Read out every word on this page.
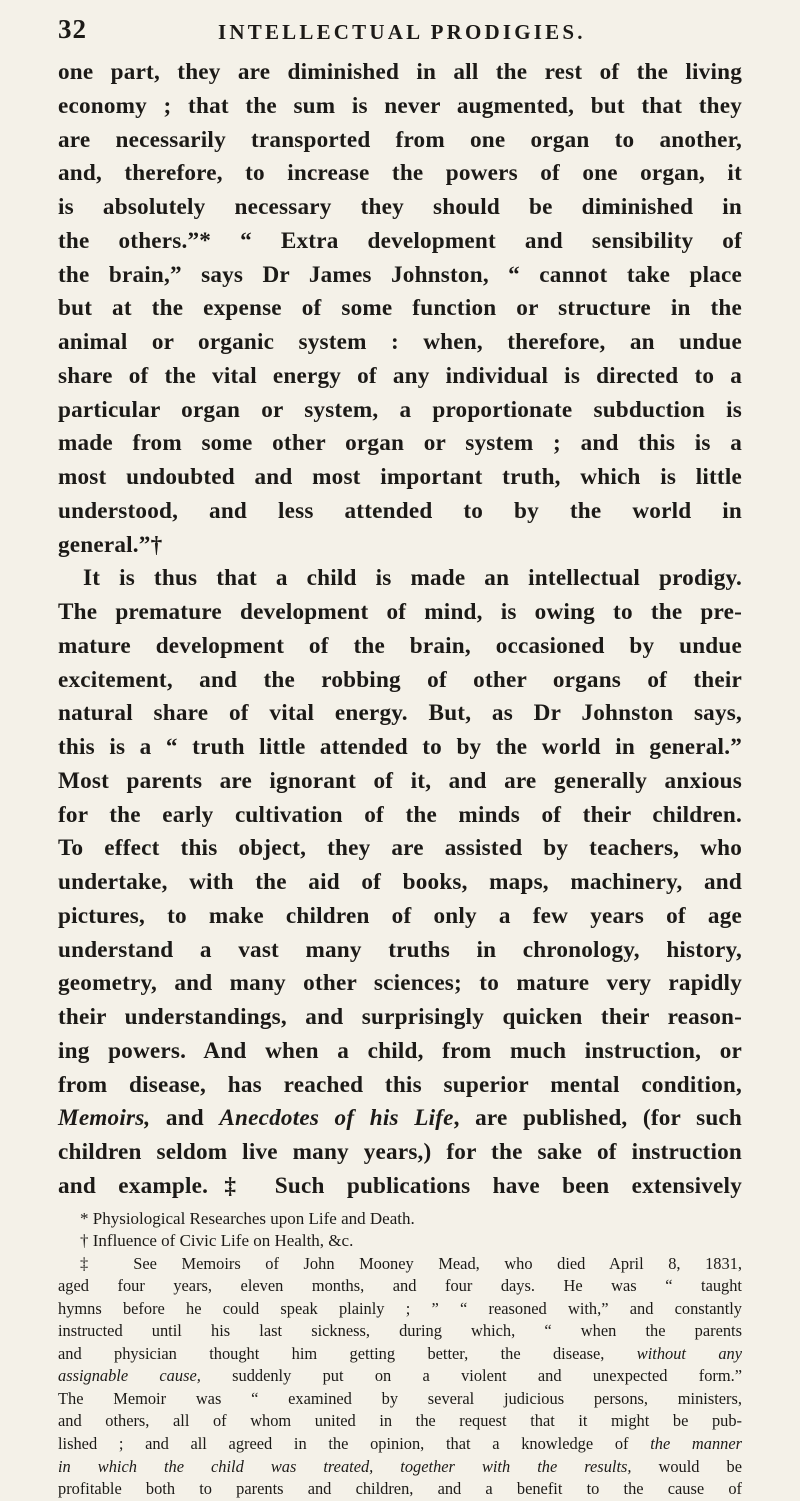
32	INTELLECTUAL PRODIGIES.
one part, they are diminished in all the rest of the living
economy ; that the sum is never augmented, but that they
are necessarily transported from one organ to another,
and, therefore, to increase the powers of one organ, it
is absolutely necessary they should be diminished in
the others.”* “ Extra development and sensibility of
the brain,” says Dr James Johnston, “ cannot take place
but at the expense of some function or structure in the
animal or organic system : when, therefore, an undue
share of the vital energy of any individual is directed to a
particular organ or system, a proportionate subduction is
made from some other organ or system ; and this is a
most undoubted and most important truth, which is little
understood, and less attended to by the world in
general.”†
It is thus that a child is made an intellectual prodigy.
The premature development of mind, is owing to the pre-
mature development of the brain, occasioned by undue
excitement, and the robbing of other organs of their
natural share of vital energy. But, as Dr Johnston says,
this is a “ truth little attended to by the world in general.”
Most parents are ignorant of it, and are generally anxious
for the early cultivation of the minds of their children.
To effect this object, they are assisted by teachers, who
undertake, with the aid of books, maps, machinery, and
pictures, to make children of only a few years of age
understand a vast many truths in chronology, history,
geometry, and many other sciences; to mature very rapidly
their understandings, and surprisingly quicken their reason-
ing powers. And when a child, from much instruction, or
from disease, has reached this superior mental condition,
Memoirs, and Anecdotes of his Life, are published, (for such
children seldom live many years,) for the sake of instruction
and example.‡ Such publications have been extensively
* Physiological Researches upon Life and Death.
† Influence of Civic Life on Health, &c.
‡ See Memoirs of John Mooney Mead, who died April 8, 1831,
aged four years, eleven months, and four days. He was “ taught
hymns before he could speak plainly ; ” “ reasoned with,” and constantly
instructed until his last sickness, during which, “ when the parents
and physician thought him getting better, the disease, without any
assignable cause, suddenly put on a violent and unexpected form.”
The Memoir was “ examined by several judicious persons, ministers,
and others, all of whom united in the request that it might be pub-
lished ; and all agreed in the opinion, that a knowledge of the manner
in which the child was treated, together with the results, would be
profitable both to parents and children, and a benefit to the cause of
